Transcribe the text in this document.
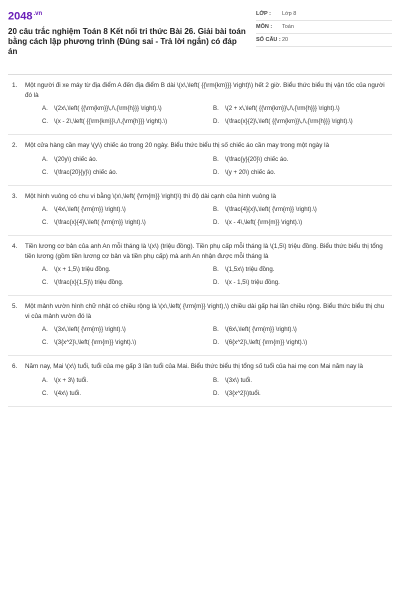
$2048^{.vn}$
20 câu trắc nghiệm Toán 8 Kết nối tri thức Bài 26. Giải bài toán bằng cách lập phương trình (Đúng sai - Trả lời ngắn) có đáp án
LỚP :	Lớp 8
MÔN :	Toán
SỐ CÂU : 20
1.	Một người đi xe máy từ địa điểm A đến địa điểm B dài \(x\,\left( {{\rm{km}}} \right)\) hết 2 giờ. Biểu thức biểu thị vận tốc của người đó là
A.	\(2x\,\left( {{\rm{km}}\,/\,{\rm{h}}} \right).\)	B.	\(2 + x\,\left( {{\rm{km}}\,/\,{\rm{h}}} \right).\)
C. \(x - 2\,\left( {{\rm{km}}\,/\,{\rm{h}}} \right).\)	D. \(\frac{x}{2}\,\left( {{\rm{km}}\,/\,{\rm{h}}} \right).\)
2.	Một cửa hàng cần may \(y\) chiếc áo trong 20 ngày. Biểu thức biểu thị số chiếc áo cần may trong một ngày là
A.	\(20y\) chiếc áo.	B.	\(\frac{y}{20}\) chiếc áo.
C. \(\frac{20}{y}\) chiếc áo.	D. \(y + 20\) chiếc áo.
3.	Một hình vuông có chu vi bằng \(x\,\left( {\rm{m}} \right)\) thì độ dài cạnh của hình vuông là
A.	\(4x\,\left( {\rm{m}} \right).\)	B.	\(\frac{4}{x}\,\left( {\rm{m}} \right).\)
C. \(\frac{x}{4}\,\left( {\rm{m}} \right).\)	D. \(x - 4\,\left( {\rm{m}} \right).\)
4.	Tiền lương cơ bản của anh An mỗi tháng là \(x\) (triệu đồng). Tiền phụ cấp mỗi tháng là \(1,5\) triệu đồng. Biểu thức biểu thị tổng tiền lương (gồm tiền lương cơ bản và tiền phụ cấp) mà anh An nhận được mỗi tháng là
A.	\(x + 1,5\) triệu đồng.	B.	\(1,5x\) triệu đồng.
C. \(\frac{x}{1,5}\) triệu đồng.	D. \(x - 1,5\) triệu đồng.
5.	Một mảnh vườn hình chữ nhật có chiều rộng là \(x\,\left( {\rm{m}} \right),\) chiều dài gấp hai lần chiều rộng. Biểu thức biểu thị chu vi của mảnh vườn đó là
A.	\(3x\,\left( {\rm{m}} \right).\)	B.	\(6x\,\left( {\rm{m}} \right).\)
C. \(3{x^2}\,\left( {\rm{m}} \right).\)	D. \(6{x^2}\,\left( {\rm{m}} \right).\)
6.	Năm nay, Mai \(x\) tuổi, tuổi của mẹ gấp 3 lần tuổi của Mai. Biểu thức biểu thị tổng số tuổi của hai mẹ con Mai năm nay là
A.	\(x + 3\) tuổi.	B.	\(3x\) tuổi.
C. \(4x\) tuổi.	D. \(3{x^2}\)tuổi.
